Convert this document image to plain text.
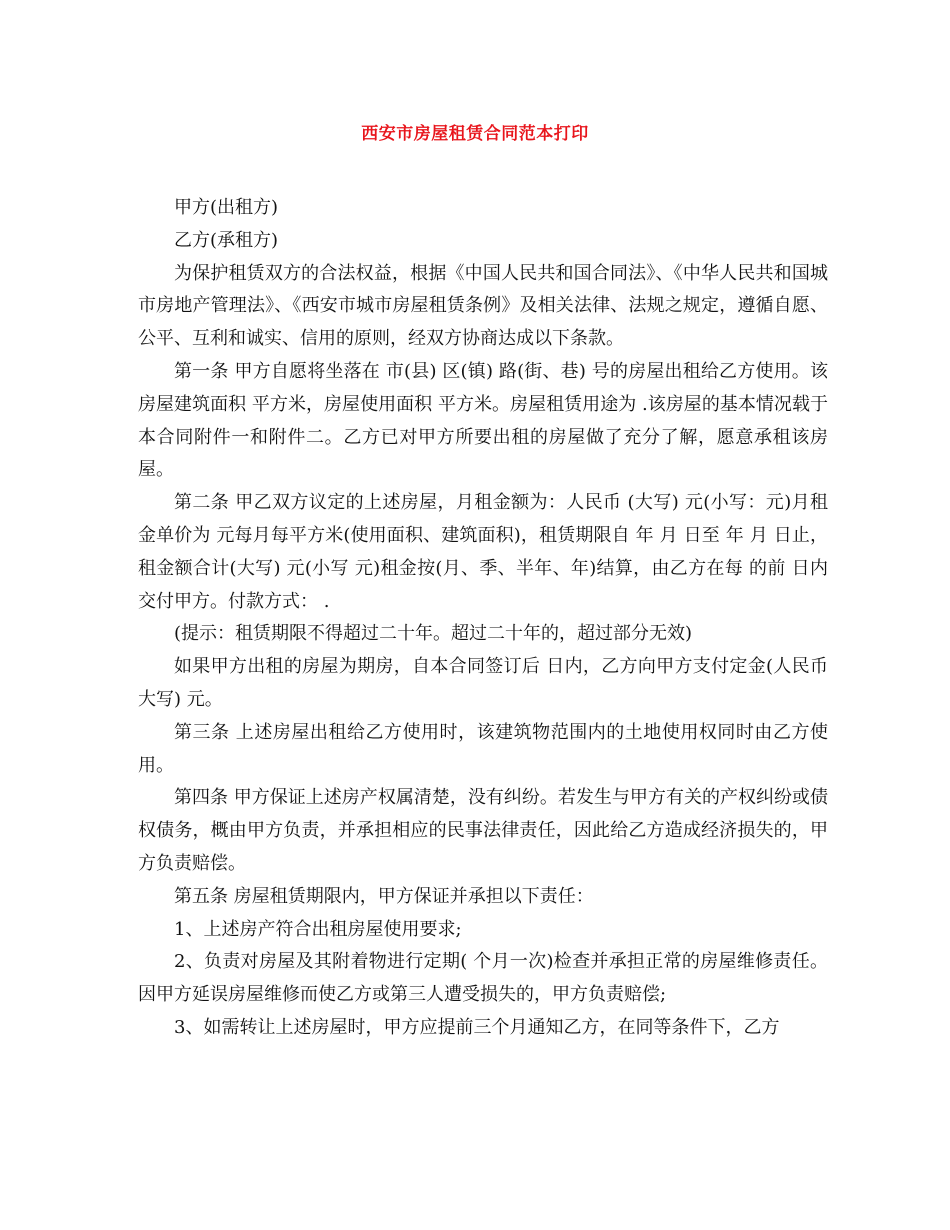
西安市房屋租赁合同范本打印

甲方(出租方)

乙方(承租方)

为保护租赁双方的合法权益，根据《中国人民共和国合同法》、《中华人民共和国城市房地产管理法》、《西安市城市房屋租赁条例》及相关法律、法规之规定，遵循自愿、公平、互利和诚实、信用的原则，经双方协商达成以下条款。

第一条 甲方自愿将坐落在 市(县) 区(镇) 路(街、巷) 号的房屋出租给乙方使用。该房屋建筑面积 平方米，房屋使用面积 平方米。房屋租赁用途为 .该房屋的基本情况载于本合同附件一和附件二。乙方已对甲方所要出租的房屋做了充分了解，愿意承租该房屋。

第二条 甲乙双方议定的上述房屋，月租金额为：人民币 (大写) 元(小写：元)月租金单价为 元每月每平方米(使用面积、建筑面积)，租赁期限自 年 月 日至 年 月 日止，租金额合计(大写) 元(小写 元)租金按(月、季、半年、年)结算，由乙方在每 的前 日内交付甲方。付款方式： .

(提示：租赁期限不得超过二十年。超过二十年的，超过部分无效)

如果甲方出租的房屋为期房，自本合同签订后 日内，乙方向甲方支付定金(人民币大写) 元。

第三条 上述房屋出租给乙方使用时，该建筑物范围内的土地使用权同时由乙方使用。

第四条 甲方保证上述房产权属清楚，没有纠纷。若发生与甲方有关的产权纠纷或债权债务，概由甲方负责，并承担相应的民事法律责任，因此给乙方造成经济损失的，甲方负责赔偿。

第五条 房屋租赁期限内，甲方保证并承担以下责任：

1、上述房产符合出租房屋使用要求;

2、负责对房屋及其附着物进行定期( 个月一次)检查并承担正常的房屋维修责任。因甲方延误房屋维修而使乙方或第三人遭受损失的，甲方负责赔偿;

3、如需转让上述房屋时，甲方应提前三个月通知乙方，在同等条件下，乙方
